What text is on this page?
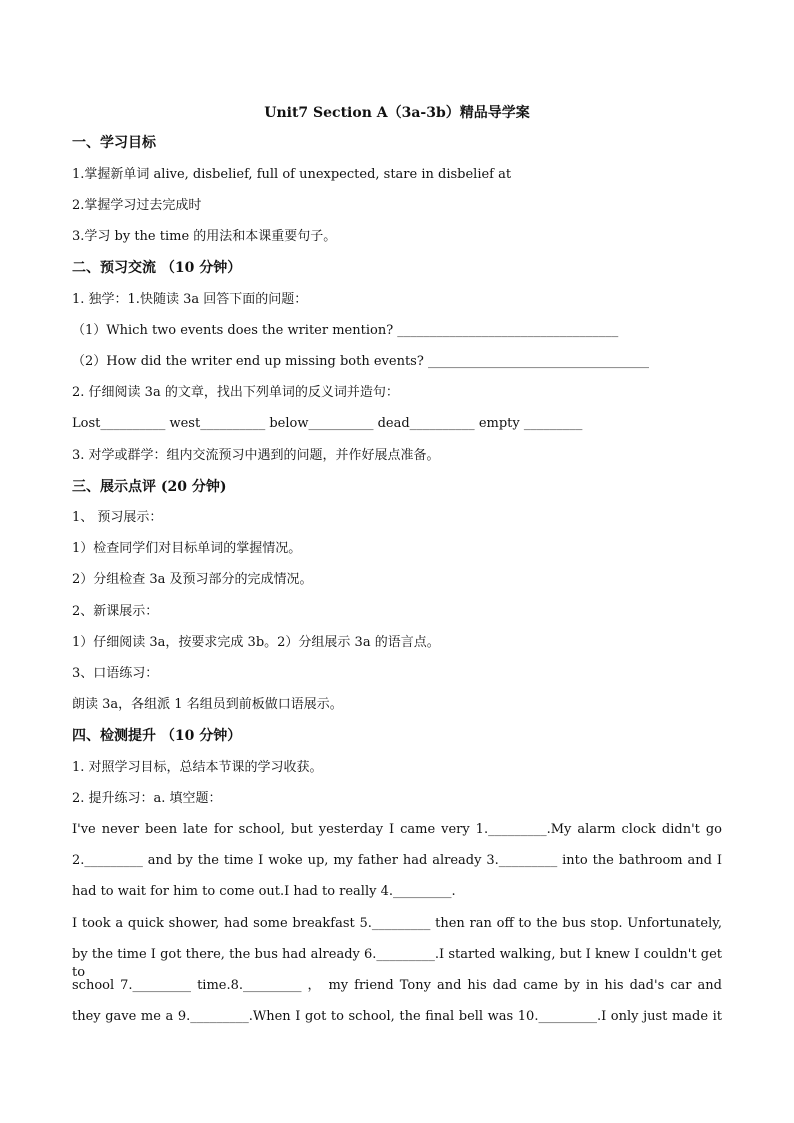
Unit7 Section A（3a-3b）精品导学案
一、学习目标
1.掌握新单词 alive, disbelief, full of unexpected, stare in disbelief at
2.掌握学习过去完成时
3.学习 by the time 的用法和本课重要句子。
二、预习交流 （10 分钟）
1. 独学：1.快随读 3a 回答下面的问题：
（1）Which two events does the writer mention? __________________________________
（2）How did the writer end up missing both events? __________________________________
2. 仔细阅读 3a 的文章，找出下列单词的反义词并造句：
Lost__________ west__________ below__________ dead__________ empty _________
3. 对学或群学：组内交流预习中遇到的问题，并作好展点准备。
三、展示点评 (20 分钟)
1、 预习展示：
1）检查同学们对目标单词的掌握情况。
2）分组检查 3a 及预习部分的完成情况。
2、新课展示：
1）仔细阅读 3a，按要求完成 3b。2）分组展示 3a 的语言点。
3、口语练习：
朗读 3a，各组派 1 名组员到前板做口语展示。
四、检测提升 （10 分钟）
1. 对照学习目标，总结本节课的学习收获。
2. 提升练习：a. 填空题：
I've never been late for school, but yesterday I came very 1._________.My alarm clock didn't go
2._________ and by the time I woke up, my father had already 3._________ into the bathroom and I
had to wait for him to come out.I had to really 4._________.
I took a quick shower, had some breakfast 5._________ then ran off to the bus stop. Unfortunately,
by the time I got there, the bus had already 6._________.I started walking, but I knew I couldn't get to
school 7._________ time.8._________ ， my friend Tony and his dad came by in his dad's car and
they gave me a 9._________.When I got to school, the final bell was 10._________.I only just made it
